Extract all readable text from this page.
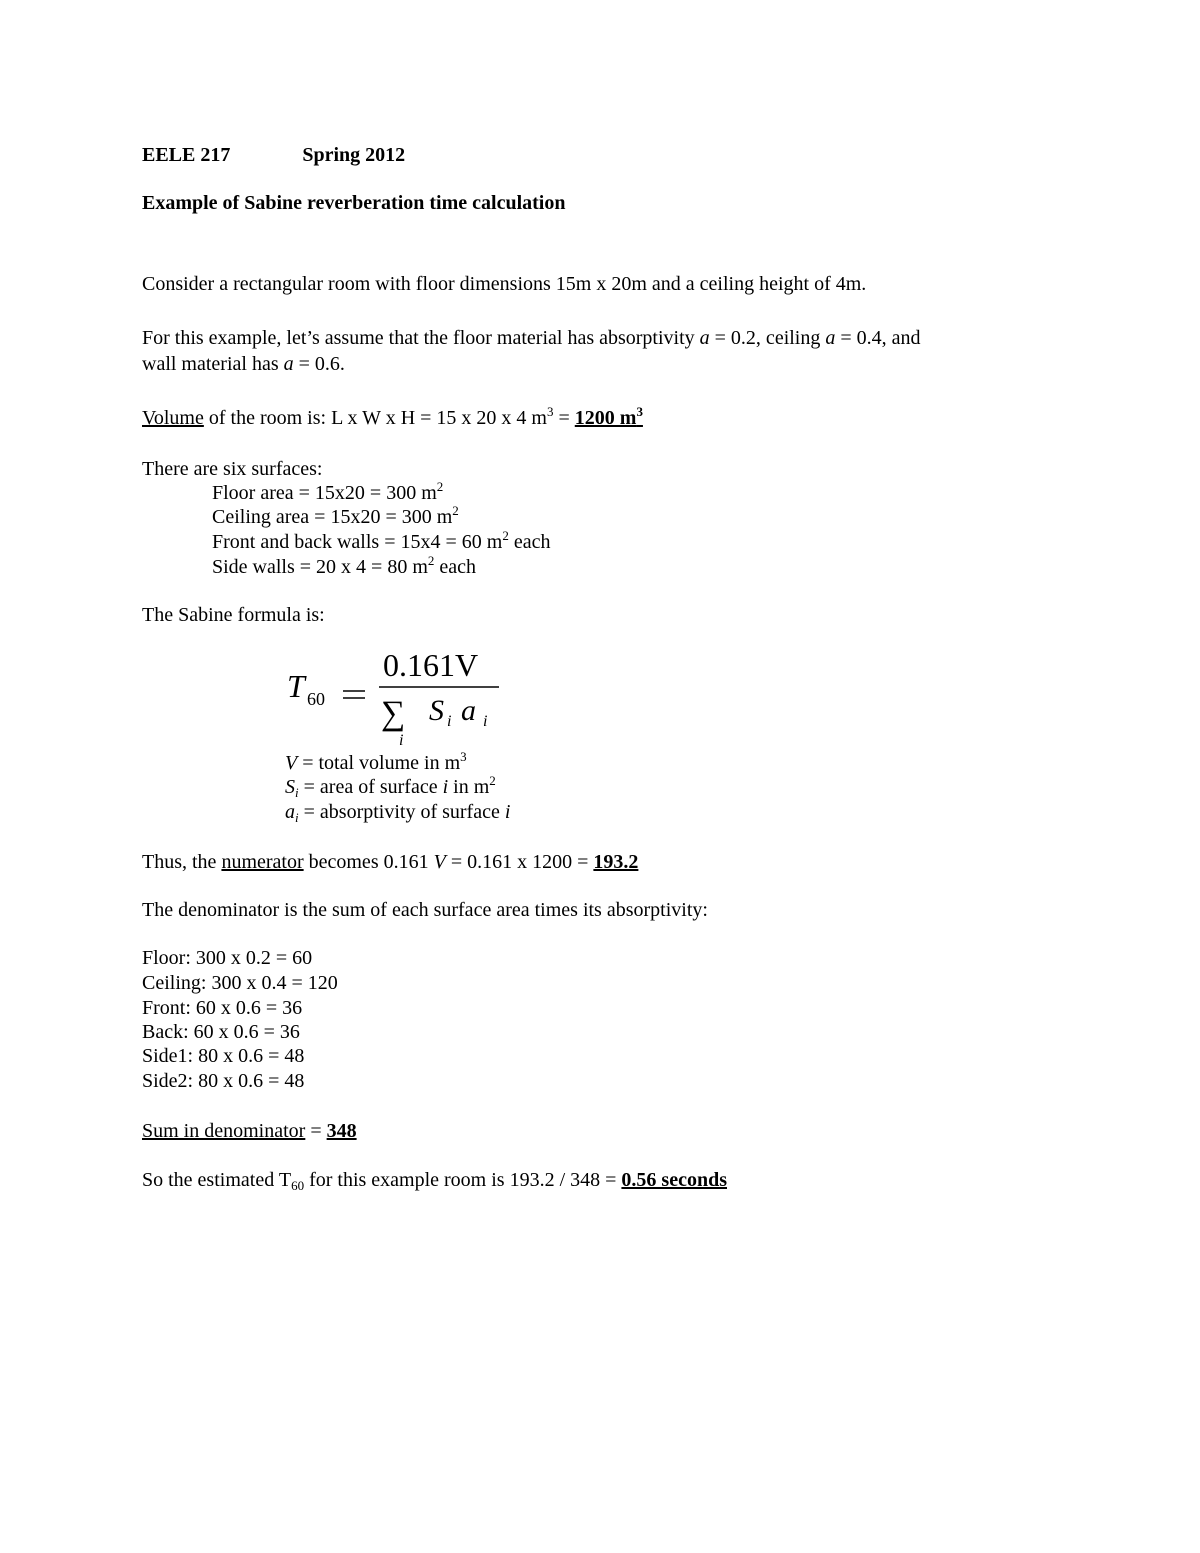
EELE 217	Spring 2012
Example of Sabine reverberation time calculation
Consider a rectangular room with floor dimensions 15m x 20m and a ceiling height of 4m.
For this example, let’s assume that the floor material has absorptivity a = 0.2, ceiling a = 0.4, and
wall material has a = 0.6.
Volume of the room is: L x W x H = 15 x 20 x 4 $m^3 = 1200$ $m^3$
There are six surfaces:
Floor area = 15x20 = 300 $m^2$
Ceiling area = 15x20 = 300 $m^2$
Front and back walls = 15x4 = 60 $m^2$ each
Side walls = 20 x 4 = 80 $m^2$ each
The Sabine formula is:
T 60
0.161V
∑
i
S i a i
V = total volume in $m^3$
$S_i$ = area of surface i in $m^2$
$a_i$ = absorptivity of surface i
Thus, the numerator becomes 0.161 V = 0.161 x 1200 = 193.2
The denominator is the sum of each surface area times its absorptivity:
Floor: 300 x 0.2 = 60
Ceiling: 300 x 0.4 = 120
Front: 60 x 0.6 = 36
Back: 60 x 0.6 = 36
Side1: 80 x 0.6 = 48
Side2: 80 x 0.6 = 48
Sum in denominator = 348
So the estimated $T_{60}$ for this example room is 193.2 / 348 = 0.56 seconds
